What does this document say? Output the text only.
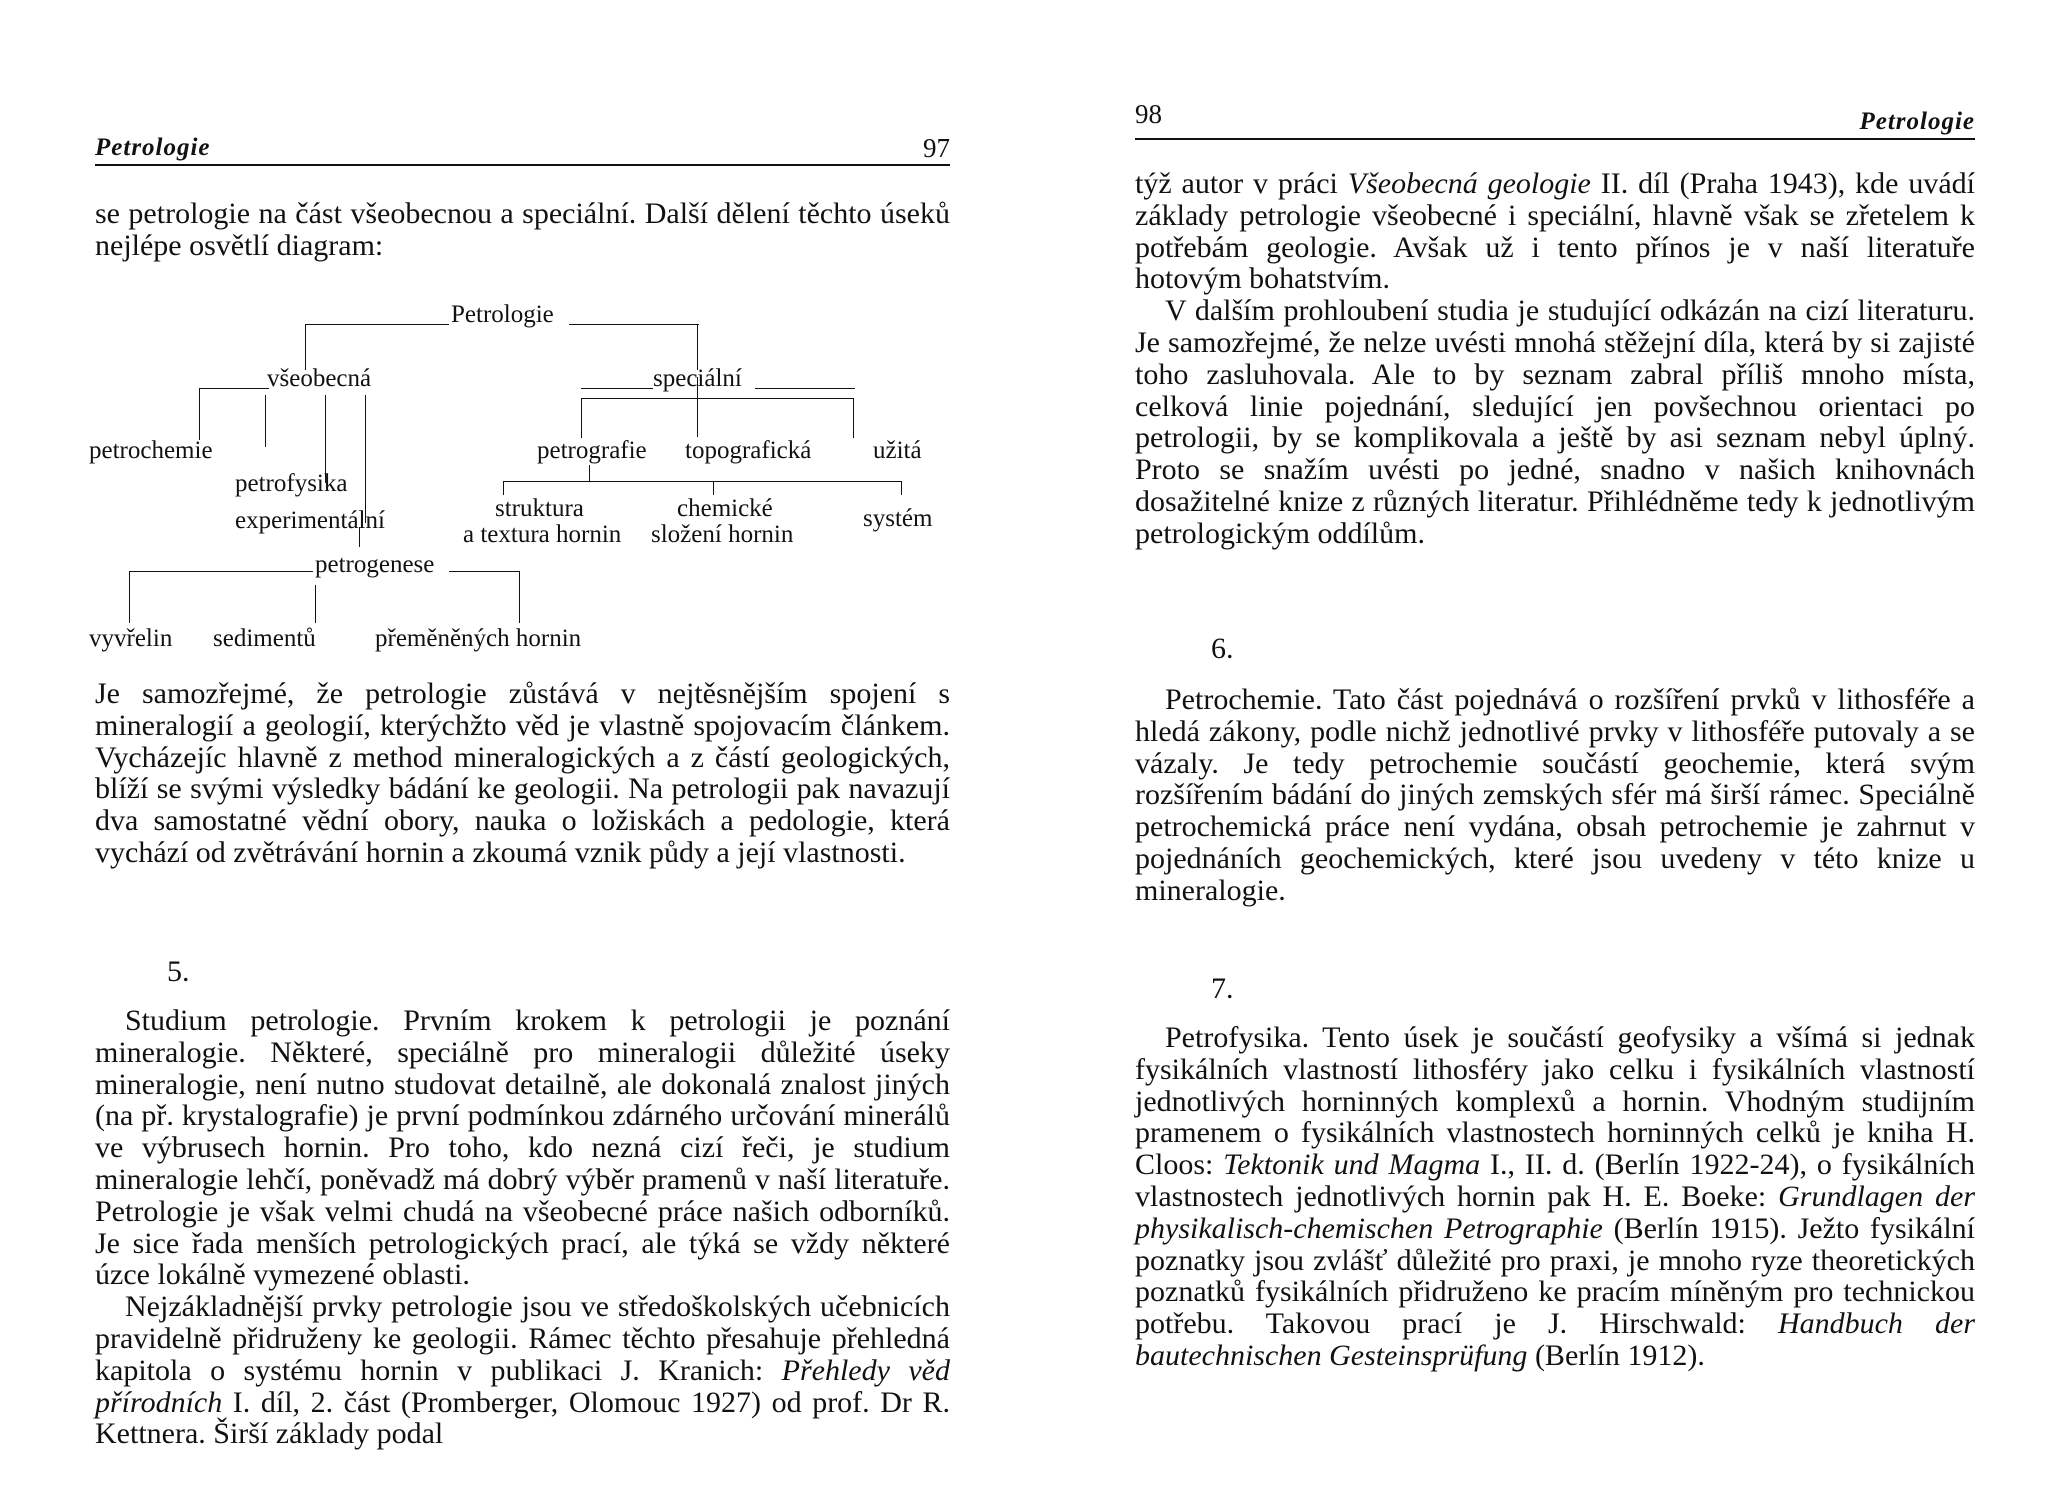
Petrologie	97

se petrologie na část všeobecnou a speciální. Další dělení těchto úseků nejlépe osvětlí diagram:

Petrologie
všeobecná	speciální
petrochemie
petrofysika
experimentální
petrogenese
petrografie topografická užitá
struktura
a textura hornin
chemické
složení hornin
systém
vyvřelin sedimentů přeměněných hornin

Je samozřejmé, že petrologie zůstává v nejtěsnějším spojení s mineralogií a geologií, kterýchžto věd je vlastně spojovacím článkem. Vycházejíc hlavně z method mineralogických a z částí geologických, blíží se svými výsledky bádání ke geologii. Na petrologii pak navazují dva samostatné vědní obory, nauka o ložiskách a pedologie, která vychází od zvětrávání hornin a zkoumá vznik půdy a její vlastnosti.

5.

Studium petrologie. Prvním krokem k petrologii je poznání mineralogie. Některé, speciálně pro mineralogii důležité úseky mineralogie, není nutno studovat detailně, ale dokonalá znalost jiných (na př. krystalografie) je první podmínkou zdárného určování minerálů ve výbrusech hornin. Pro toho, kdo nezná cizí řeči, je studium mineralogie lehčí, poněvadž má dobrý výběr pramenů v naší literatuře. Petrologie je však velmi chudá na všeobecné práce našich odborníků. Je sice řada menších petrologických prací, ale týká se vždy některé úzce lokálně vymezené oblasti.

Nejzákladnější prvky petrologie jsou ve středoškolských učebnicích pravidelně přidruženy ke geologii. Rámec těchto přesahuje přehledná kapitola o systému hornin v publikaci J. Kranich: Přehledy věd přírodních I. díl, 2. část (Promberger, Olomouc 1927) od prof. Dr R. Kettnera. Širší základy podal

98	Petrologie

týž autor v práci Všeobecná geologie II. díl (Praha 1943), kde uvádí základy petrologie všeobecné i speciální, hlavně však se zřetelem k potřebám geologie. Avšak už i tento přínos je v naší literatuře hotovým bohatstvím.

V dalším prohloubení studia je studující odkázán na cizí literaturu. Je samozřejmé, že nelze uvésti mnohá stěžejní díla, která by si zajisté toho zasluhovala. Ale to by seznam zabral příliš mnoho místa, celková linie pojednání, sledující jen povšechnou orientaci po petrologii, by se komplikovala a ještě by asi seznam nebyl úplný. Proto se snažím uvésti po jedné, snadno v našich knihovnách dosažitelné knize z různých literatur. Přihlédněme tedy k jednotlivým petrologickým oddílům.

6.

Petrochemie. Tato část pojednává o rozšíření prvků v lithosféře a hledá zákony, podle nichž jednotlivé prvky v lithosféře putovaly a se vázaly. Je tedy petrochemie součástí geochemie, která svým rozšířením bádání do jiných zemských sfér má širší rámec. Speciálně petrochemická práce není vydána, obsah petrochemie je zahrnut v pojednáních geochemických, které jsou uvedeny v této knize u mineralogie.

7.

Petrofysika. Tento úsek je součástí geofysiky a všímá si jednak fysikálních vlastností lithosféry jako celku i fysikálních vlastností jednotlivých horninných komplexů a hornin. Vhodným studijním pramenem o fysikálních vlastnostech horninných celků je kniha H. Cloos: Tektonik und Magma I., II. d. (Berlín 1922-24), o fysikálních vlastnostech jednotlivých hornin pak H. E. Boeke: Grundlagen der physikalisch-chemischen Petrographie (Berlín 1915). Ježto fysikální poznatky jsou zvlášť důležité pro praxi, je mnoho ryze theoretických poznatků fysikálních přidruženo ke pracím míněným pro technickou potřebu. Takovou prací je J. Hirschwald: Handbuch der bautechnischen Gesteinsprüfung (Berlín 1912).
